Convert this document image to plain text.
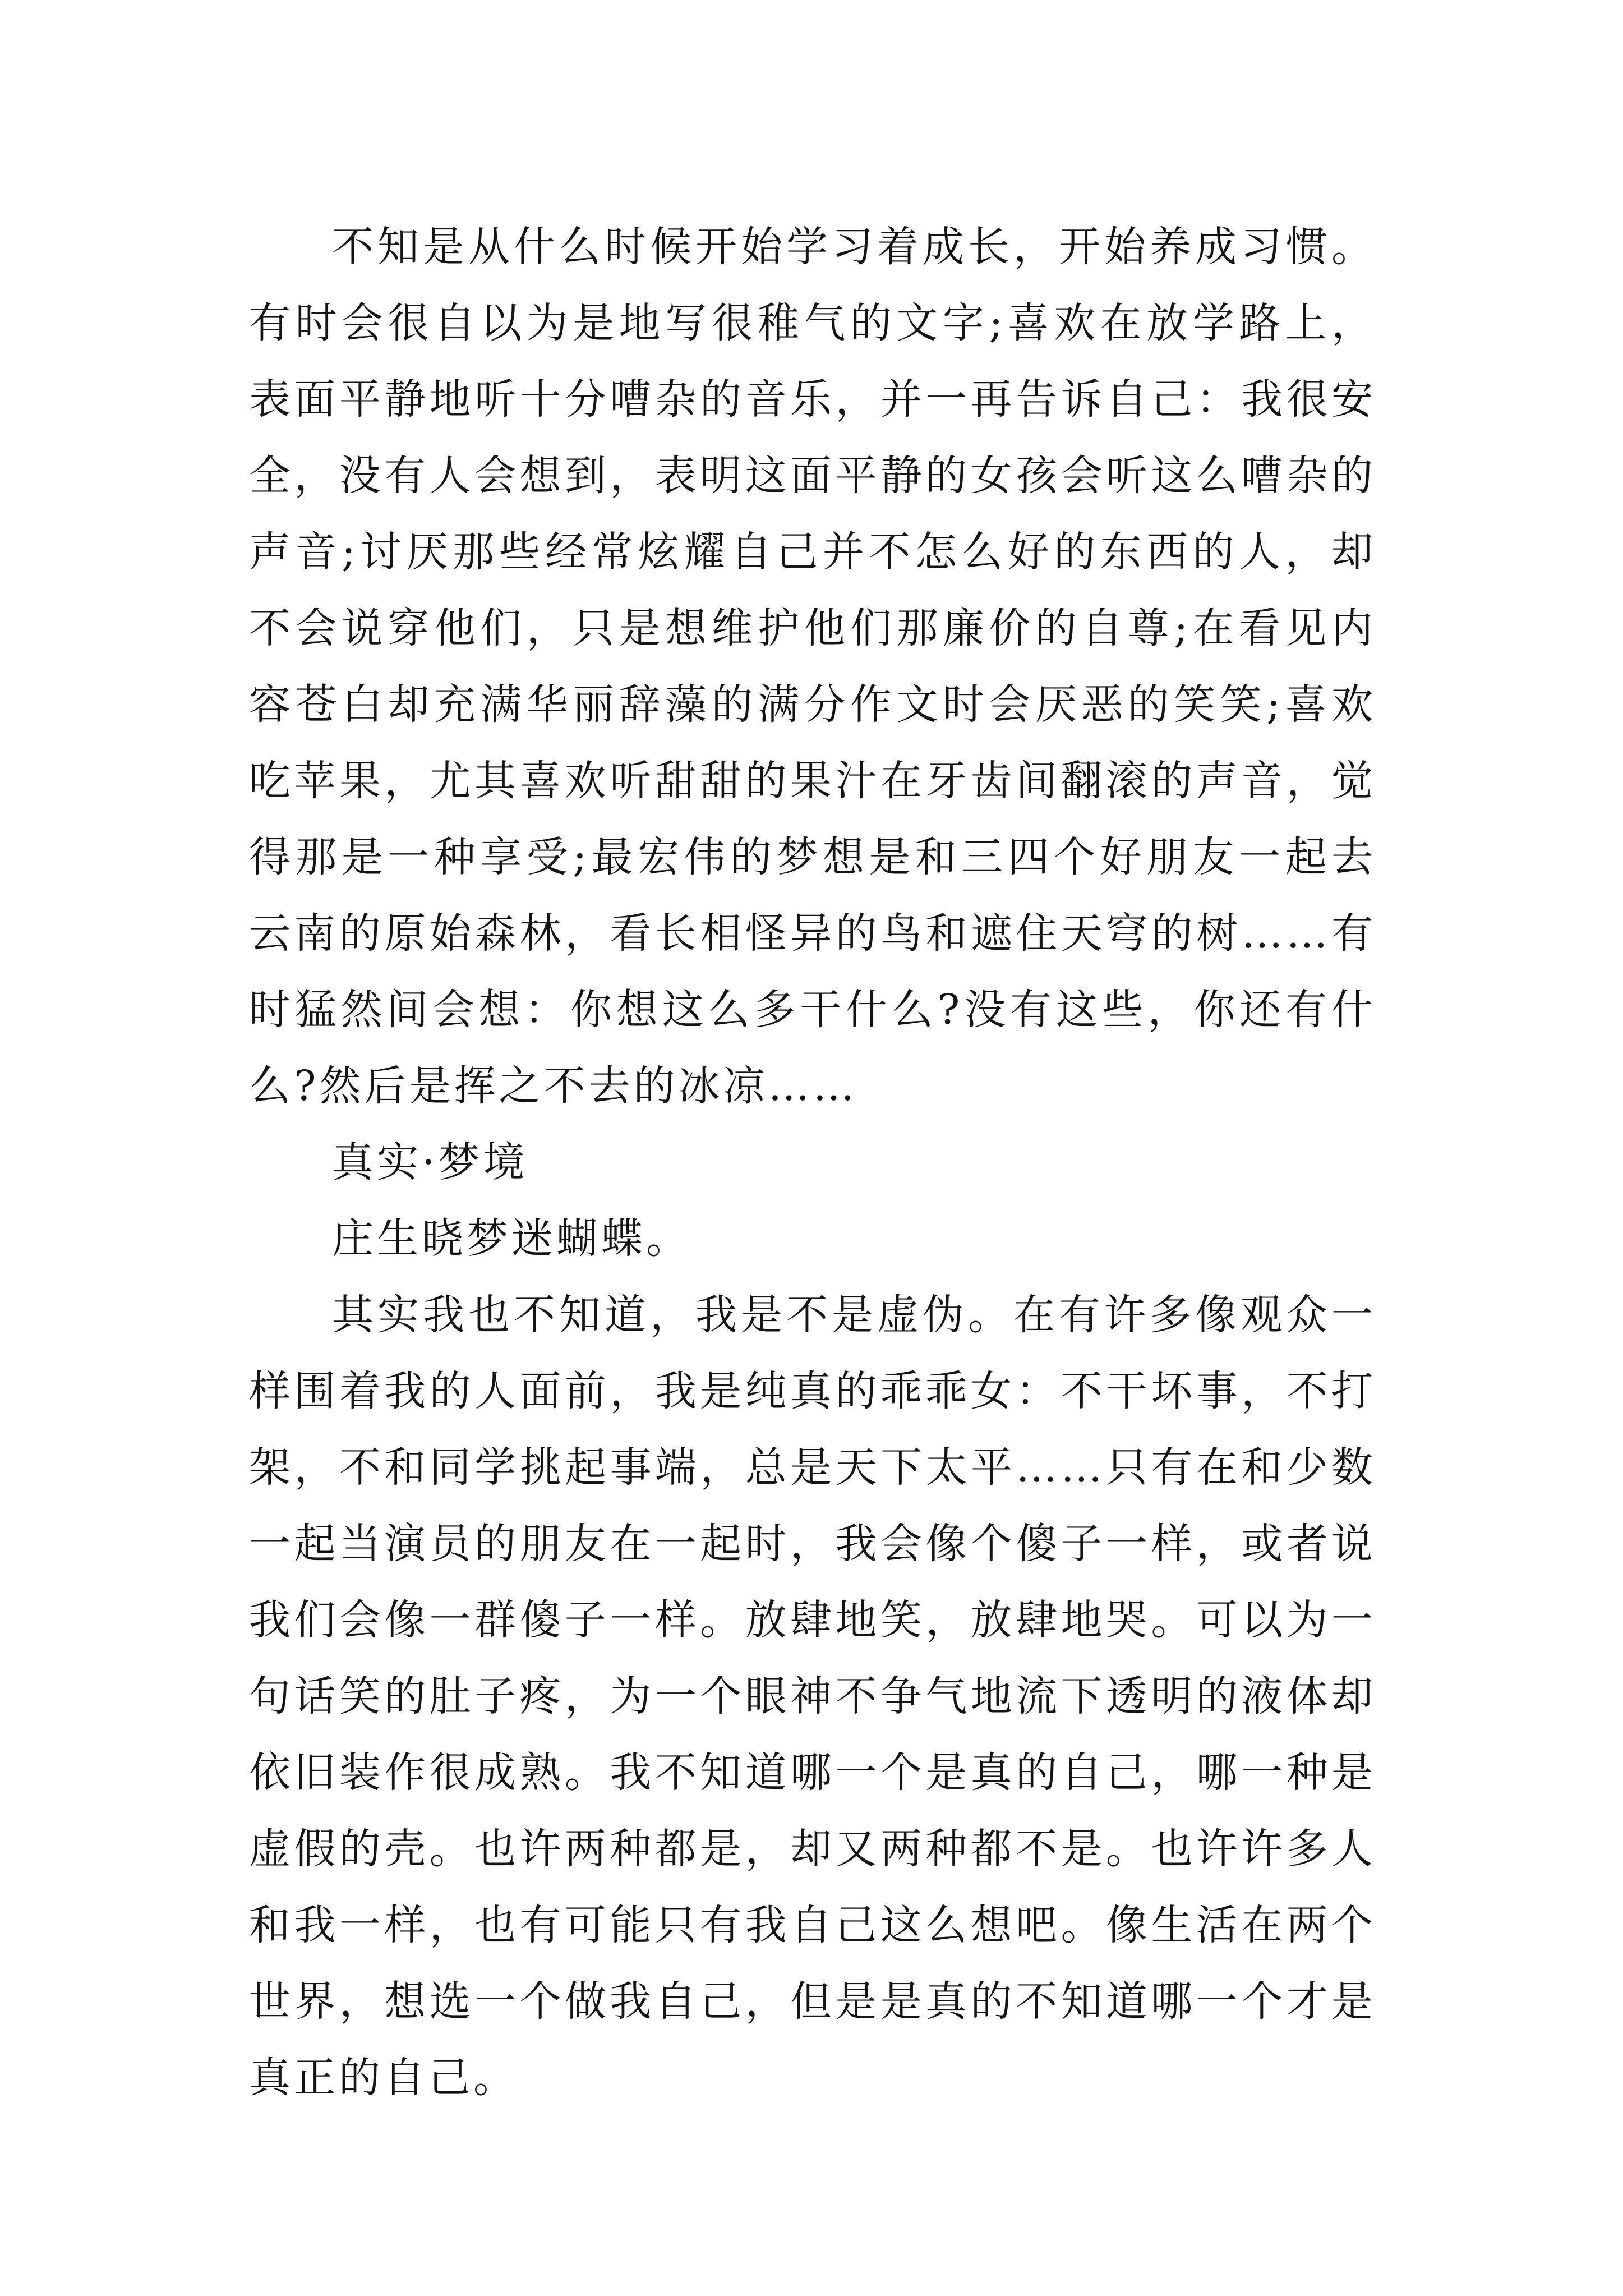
不知是从什么时候开始学习着成长，开始养成习惯。有时会很自以为是地写很稚气的文字;喜欢在放学路上，表面平静地听十分嘈杂的音乐，并一再告诉自己：我很安全，没有人会想到，表明这面平静的女孩会听这么嘈杂的声音;讨厌那些经常炫耀自己并不怎么好的东西的人，却不会说穿他们，只是想维护他们那廉价的自尊;在看见内容苍白却充满华丽辞藻的满分作文时会厌恶的笑笑;喜欢吃苹果，尤其喜欢听甜甜的果汁在牙齿间翻滚的声音，觉得那是一种享受;最宏伟的梦想是和三四个好朋友一起去云南的原始森林，看长相怪异的鸟和遮住天穹的树……有时猛然间会想：你想这么多干什么?没有这些，你还有什么?然后是挥之不去的冰凉……

真实·梦境

庄生晓梦迷蝴蝶。

其实我也不知道，我是不是虚伪。在有许多像观众一样围着我的人面前，我是纯真的乖乖女：不干坏事，不打架，不和同学挑起事端，总是天下太平……只有在和少数一起当演员的朋友在一起时，我会像个傻子一样，或者说我们会像一群傻子一样。放肆地笑，放肆地哭。可以为一句话笑的肚子疼，为一个眼神不争气地流下透明的液体却依旧装作很成熟。我不知道哪一个是真的自己，哪一种是虚假的壳。也许两种都是，却又两种都不是。也许许多人和我一样，也有可能只有我自己这么想吧。像生活在两个世界，想选一个做我自己，但是是真的不知道哪一个才是真正的自己。
